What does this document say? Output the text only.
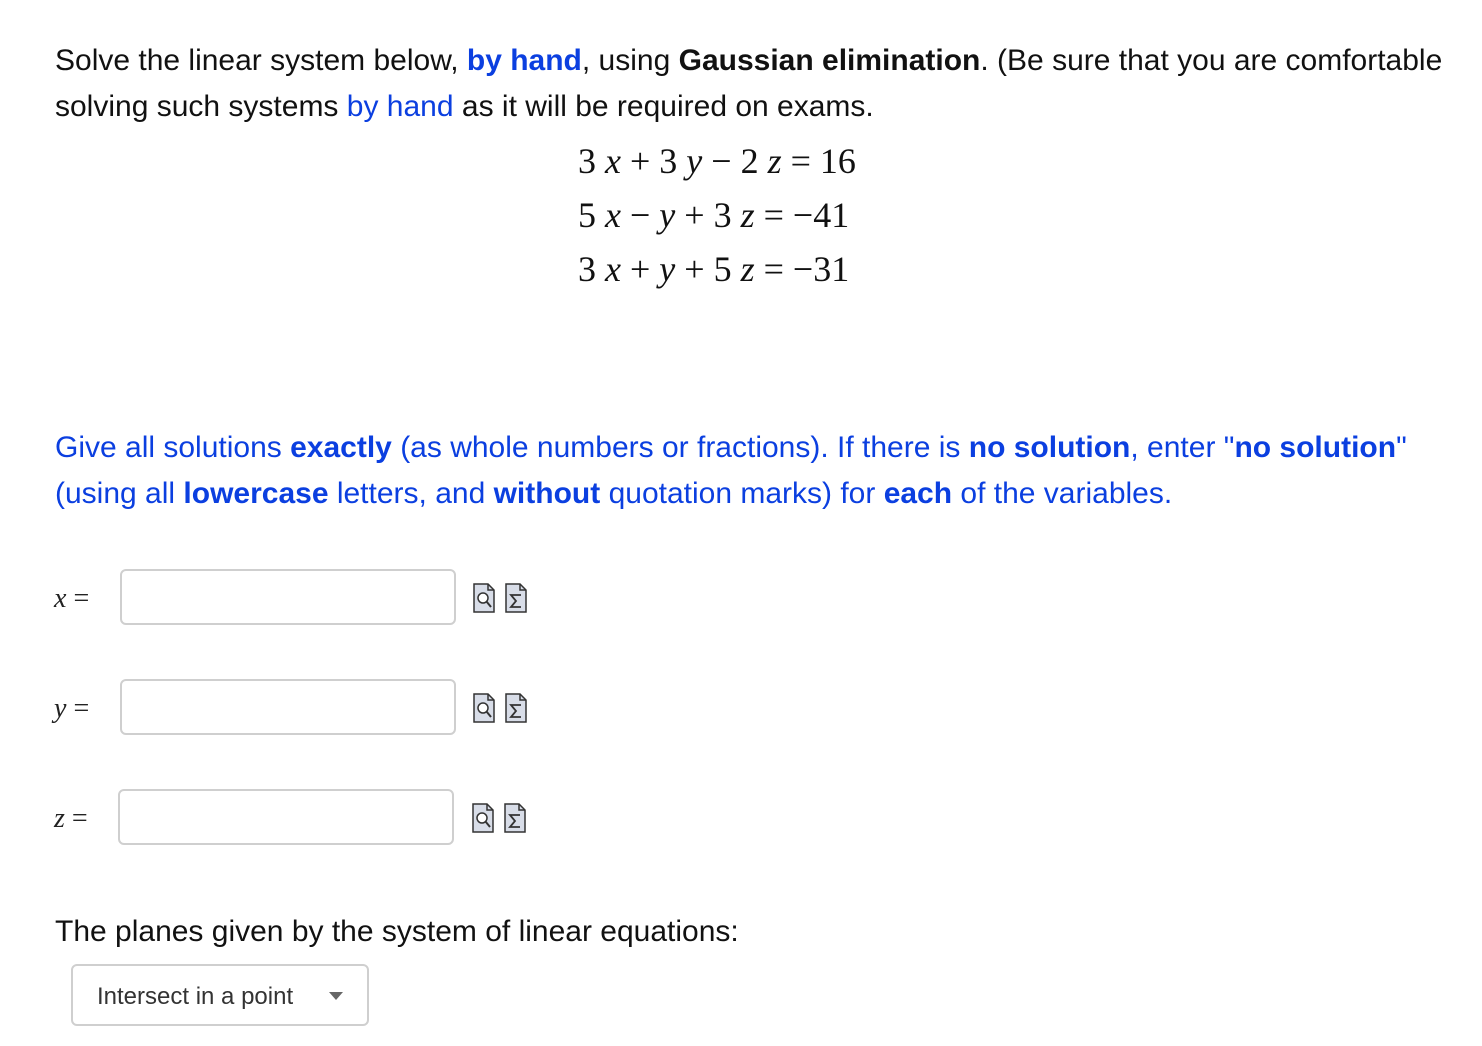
Solve the linear system below, by hand, using Gaussian elimination. (Be sure that you are comfortable solving such systems by hand as it will be required on exams.
3 x + 3 y − 2 z = 16
5 x − y + 3 z = −41
3 x + y + 5 z = −31
Give all solutions exactly (as whole numbers or fractions). If there is no solution, enter "no solution" (using all lowercase letters, and without quotation marks) for each of the variables.
x =
y =
z =
The planes given by the system of linear equations:
Intersect in a point
